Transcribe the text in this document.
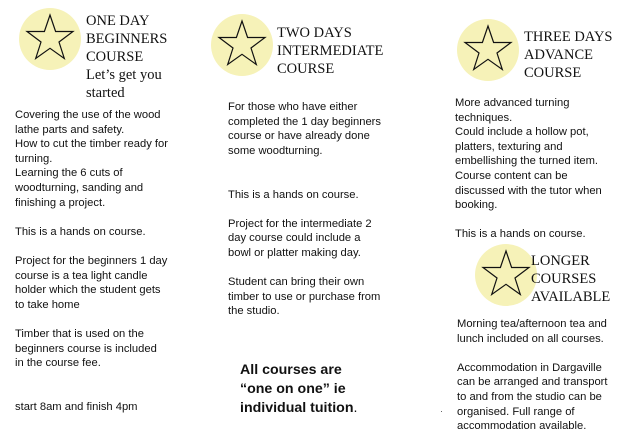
ONE DAY
BEGINNERS
COURSE
Let’s get you
started
Covering the use of the wood
lathe parts and safety.
How to cut the timber ready for
turning.
Learning the 6 cuts of
woodturning, sanding and
finishing a project.
This is a hands on course.
Project for the beginners 1 day
course is a tea light candle
holder which the student gets
to take home
Timber that is used on the
beginners course is included
in the course fee.
start 8am and finish 4pm
TWO DAYS
INTERMEDIATE
COURSE
For those who have either
completed the 1 day beginners
course or have already done
some woodturning.
This is a hands on course.
Project for the intermediate 2
day course could include a
bowl or platter making day.
Student can bring their own
timber to use or purchase from
the studio.
All courses are
“one on one” ie
individual tuition.
THREE DAYS
ADVANCE
COURSE
More advanced turning
techniques.
Could include a hollow pot,
platters, texturing and
embellishing the turned item.
Course content can be
discussed with the tutor when
booking.
This is a hands on course.
LONGER
COURSES
AVAILABLE
Morning tea/afternoon tea and
lunch included on all courses.
Accommodation in Dargaville
can be arranged and transport
to and from the studio can be
organised. Full range of
accommodation available.
